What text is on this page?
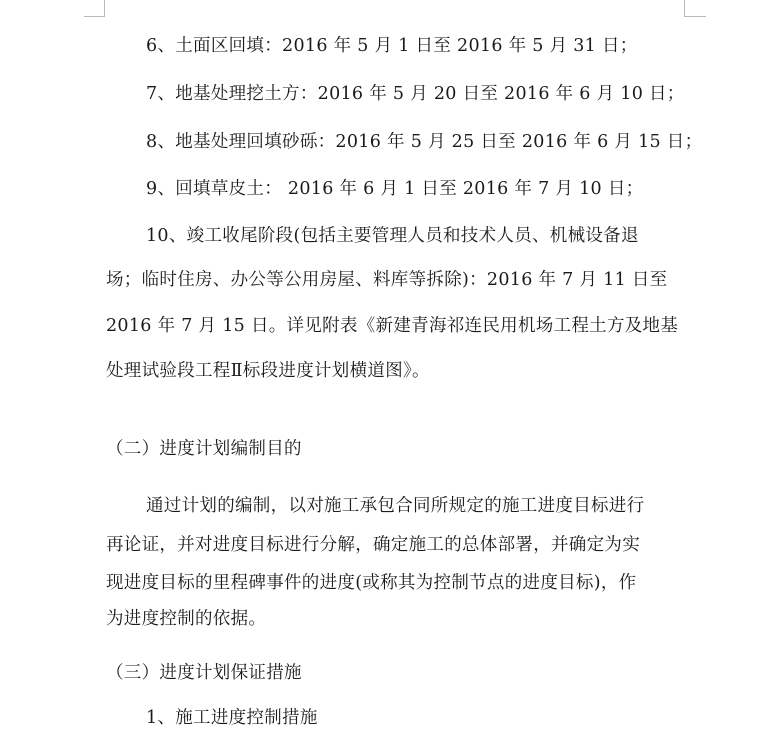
6、土面区回填：2016 年 5 月 1 日至 2016 年 5 月 31 日；
7、地基处理挖土方：2016 年 5 月 20 日至 2016 年 6 月 10 日；
8、地基处理回填砂砾：2016 年 5 月 25 日至 2016 年 6 月 15 日；
9、回填草皮土： 2016 年 6 月 1 日至 2016 年 7 月 10 日；
10、竣工收尾阶段(包括主要管理人员和技术人员、机械设备退
场；临时住房、办公等公用房屋、料库等拆除)：2016 年 7 月 11 日至
2016 年 7 月 15 日。详见附表《新建青海祁连民用机场工程土方及地基
处理试验段工程Ⅱ标段进度计划横道图》。
（二）进度计划编制目的
通过计划的编制，以对施工承包合同所规定的施工进度目标进行
再论证，并对进度目标进行分解，确定施工的总体部署，并确定为实
现进度目标的里程碑事件的进度(或称其为控制节点的进度目标)，作
为进度控制的依据。
（三）进度计划保证措施
1、施工进度控制措施
